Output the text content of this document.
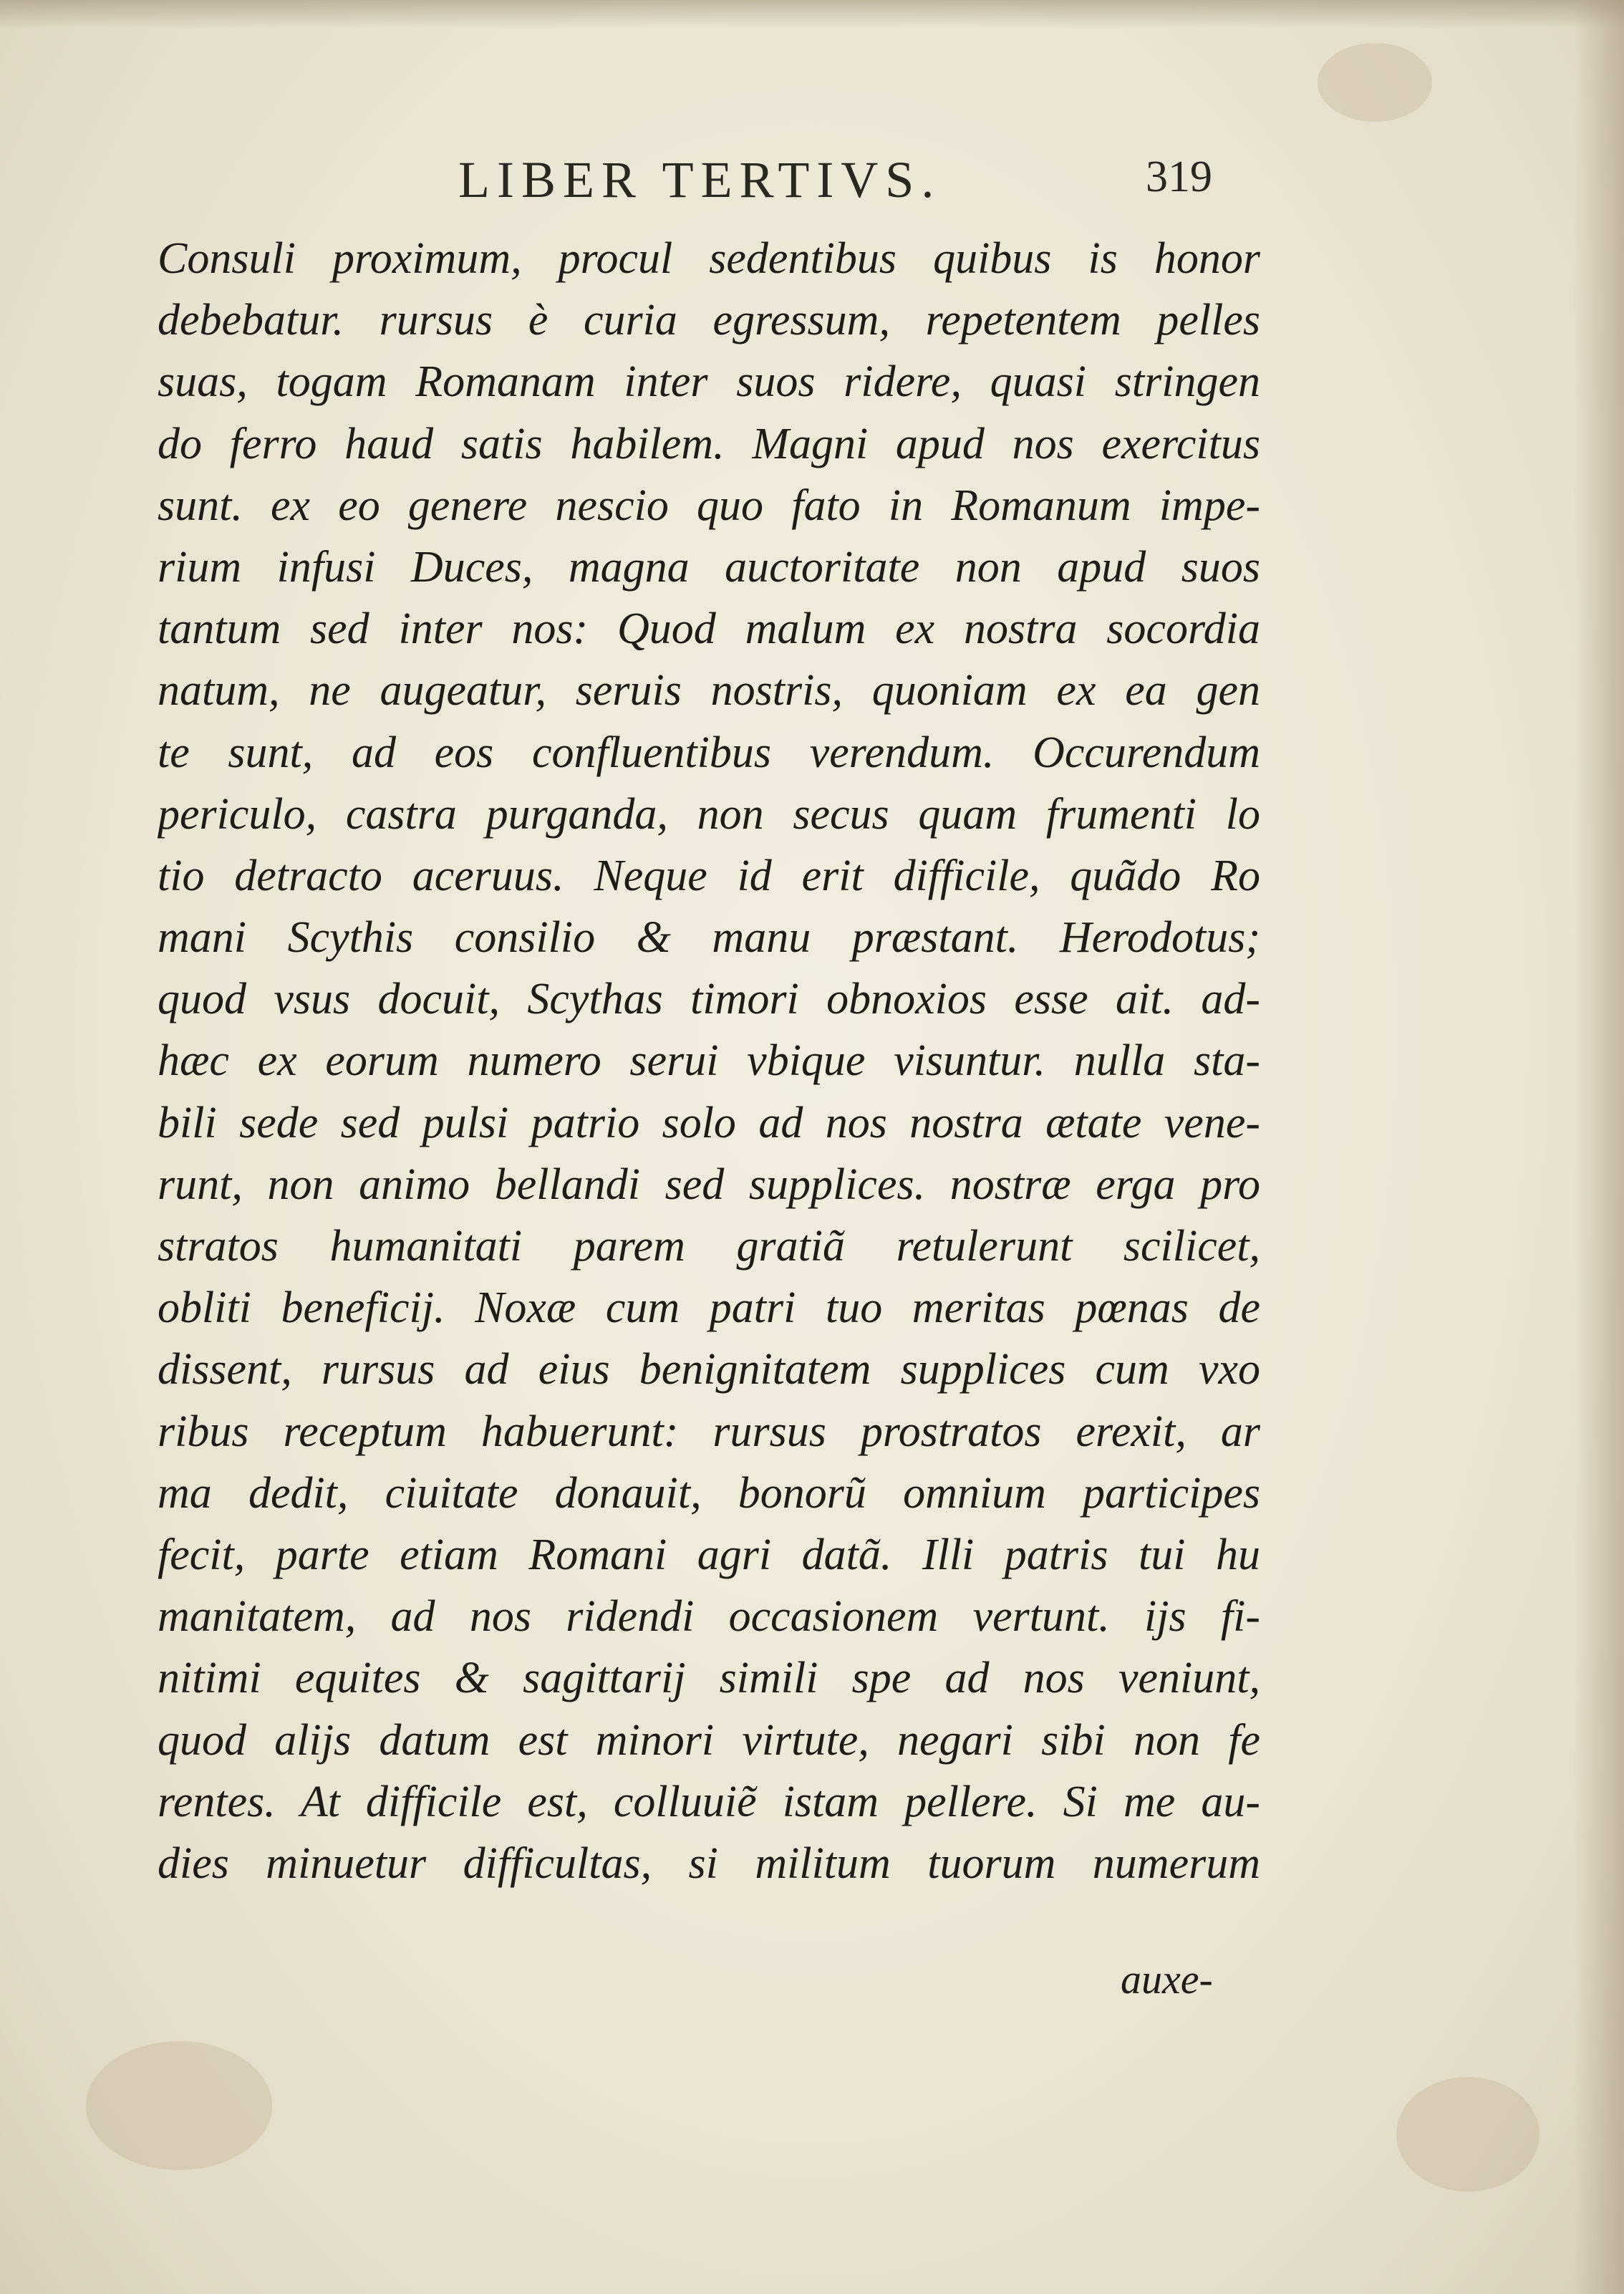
LIBER TERTIVS.	319
Consuli proximum, procul sedentibus quibus is honor
debebatur. rursus è curia egressum, repetentem pelles
suas, togam Romanam inter suos ridere, quasi stringen
do ferro haud satis habilem. Magni apud nos exercitus
sunt. ex eo genere nescio quo fato in Romanum impe-
rium infusi Duces, magna auctoritate non apud suos
tantum sed inter nos: Quod malum ex nostra socordia
natum, ne augeatur, seruis nostris, quoniam ex ea gen
te sunt, ad eos confluentibus verendum. Occurendum
periculo, castra purganda, non secus quam frumenti lo
tio detracto aceruus. Neque id erit difficile, quãdo Ro
mani Scythis consilio & manu præstant. Herodotus;
quod vsus docuit, Scythas timori obnoxios esse ait. ad-
hæc ex eorum numero serui vbique visuntur. nulla sta-
bili sede sed pulsi patrio solo ad nos nostra ætate vene-
runt, non animo bellandi sed supplices. nostræ erga pro
stratos humanitati parem gratiã retulerunt scilicet,
obliti beneficij. Noxæ cum patri tuo meritas pœnas de
dissent, rursus ad eius benignitatem supplices cum vxo
ribus receptum habuerunt: rursus prostratos erexit, ar
ma dedit, ciuitate donauit, bonorũ omnium participes
fecit, parte etiam Romani agri datã. Illi patris tui hu
manitatem, ad nos ridendi occasionem vertunt. ijs fi-
nitimi equites & sagittarij simili spe ad nos veniunt,
quod alijs datum est minori virtute, negari sibi non fe
rentes. At difficile est, colluuiẽ istam pellere. Si me au-
dies minuetur difficultas, si militum tuorum numerum
auxe-
